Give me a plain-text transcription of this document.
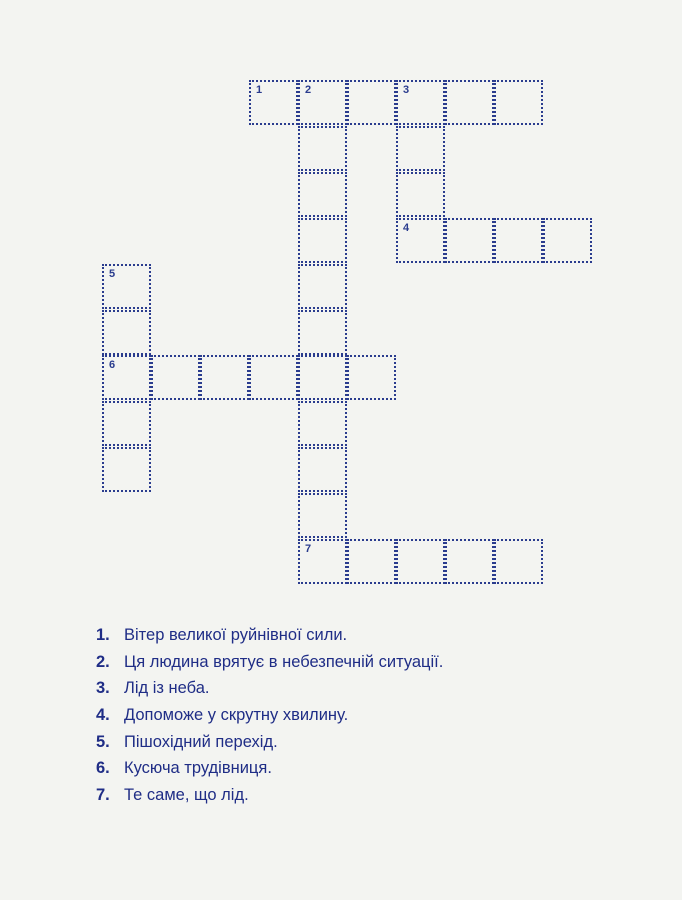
1	2	3
4
5
6
7
1. Вітер великої руйнівної сили.
2. Ця людина врятує в небезпечній ситуації.
3. Лід із неба.
4. Допоможе у скрутну хвилину.
5. Пішохідний перехід.
6. Кусюча трудівниця.
7. Те саме, що лід.
